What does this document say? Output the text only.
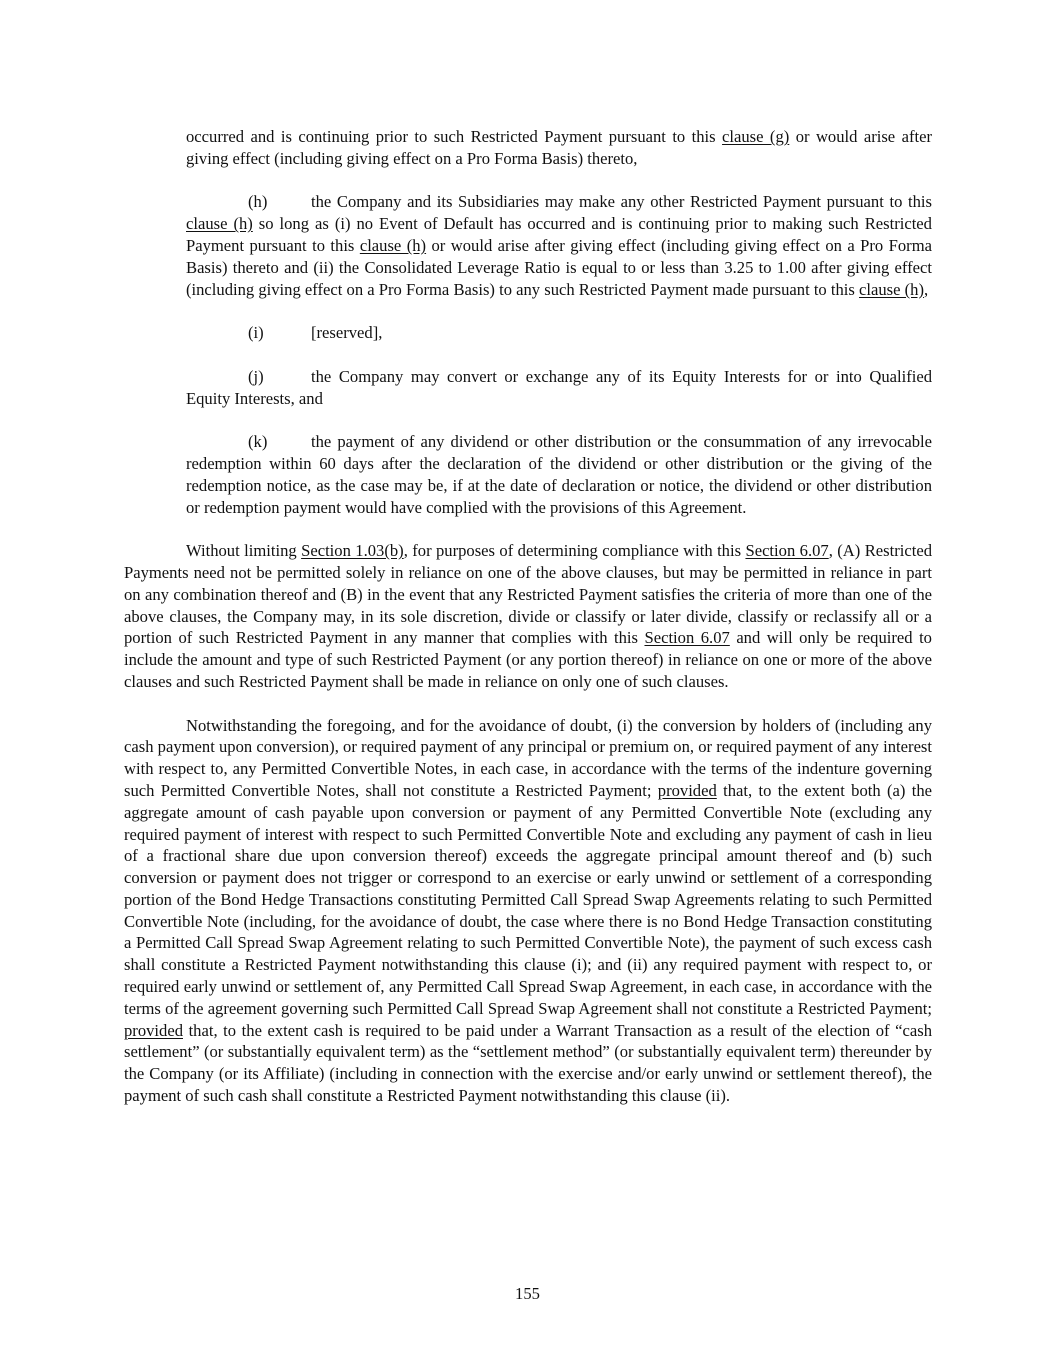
occurred and is continuing prior to such Restricted Payment pursuant to this clause (g) or would arise after giving effect (including giving effect on a Pro Forma Basis) thereto,

(h)	the Company and its Subsidiaries may make any other Restricted Payment pursuant to this clause (h) so long as (i) no Event of Default has occurred and is continuing prior to making such Restricted Payment pursuant to this clause (h) or would arise after giving effect (including giving effect on a Pro Forma Basis) thereto and (ii) the Consolidated Leverage Ratio is equal to or less than 3.25 to 1.00 after giving effect (including giving effect on a Pro Forma Basis) to any such Restricted Payment made pursuant to this clause (h),

(i)	[reserved],

(j)	the Company may convert or exchange any of its Equity Interests for or into Qualified Equity Interests, and

(k)	the payment of any dividend or other distribution or the consummation of any irrevocable redemption within 60 days after the declaration of the dividend or other distribution or the giving of the redemption notice, as the case may be, if at the date of declaration or notice, the dividend or other distribution or redemption payment would have complied with the provisions of this Agreement.

Without limiting Section 1.03(b), for purposes of determining compliance with this Section 6.07, (A) Restricted Payments need not be permitted solely in reliance on one of the above clauses, but may be permitted in reliance in part on any combination thereof and (B) in the event that any Restricted Payment satisfies the criteria of more than one of the above clauses, the Company may, in its sole discretion, divide or classify or later divide, classify or reclassify all or a portion of such Restricted Payment in any manner that complies with this Section 6.07 and will only be required to include the amount and type of such Restricted Payment (or any portion thereof) in reliance on one or more of the above clauses and such Restricted Payment shall be made in reliance on only one of such clauses.

Notwithstanding the foregoing, and for the avoidance of doubt, (i) the conversion by holders of (including any cash payment upon conversion), or required payment of any principal or premium on, or required payment of any interest with respect to, any Permitted Convertible Notes, in each case, in accordance with the terms of the indenture governing such Permitted Convertible Notes, shall not constitute a Restricted Payment; provided that, to the extent both (a) the aggregate amount of cash payable upon conversion or payment of any Permitted Convertible Note (excluding any required payment of interest with respect to such Permitted Convertible Note and excluding any payment of cash in lieu of a fractional share due upon conversion thereof) exceeds the aggregate principal amount thereof and (b) such conversion or payment does not trigger or correspond to an exercise or early unwind or settlement of a corresponding portion of the Bond Hedge Transactions constituting Permitted Call Spread Swap Agreements relating to such Permitted Convertible Note (including, for the avoidance of doubt, the case where there is no Bond Hedge Transaction constituting a Permitted Call Spread Swap Agreement relating to such Permitted Convertible Note), the payment of such excess cash shall constitute a Restricted Payment notwithstanding this clause (i); and (ii) any required payment with respect to, or required early unwind or settlement of, any Permitted Call Spread Swap Agreement, in each case, in accordance with the terms of the agreement governing such Permitted Call Spread Swap Agreement shall not constitute a Restricted Payment; provided that, to the extent cash is required to be paid under a Warrant Transaction as a result of the election of “cash settlement” (or substantially equivalent term) as the “settlement method” (or substantially equivalent term) thereunder by the Company (or its Affiliate) (including in connection with the exercise and/or early unwind or settlement thereof), the payment of such cash shall constitute a Restricted Payment notwithstanding this clause (ii).

155
